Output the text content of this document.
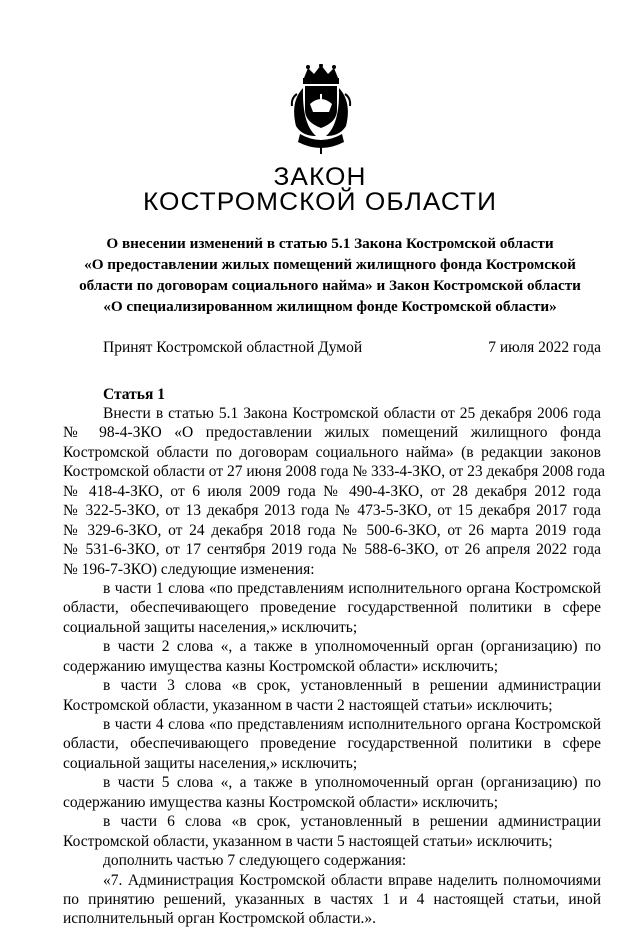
ЗАКОН
КОСТРОМСКОЙ ОБЛАСТИ
О внесении изменений в статью 5.1 Закона Костромской области
«О предоставлении жилых помещений жилищного фонда Костромской
области по договорам социального найма» и Закон Костромской области
«О специализированном жилищном фонде Костромской области»
Принят Костромской областной Думой	7 июля 2022 года
Статья 1
Внести в статью 5.1 Закона Костромской области от 25 декабря 2006 года
№ 98-4-ЗКО «О предоставлении жилых помещений жилищного фонда
Костромской области по договорам социального найма» (в редакции законов
Костромской области от 27 июня 2008 года № 333-4-ЗКО, от 23 декабря 2008 года
№ 418-4-ЗКО, от 6 июля 2009 года № 490-4-ЗКО, от 28 декабря 2012 года
№ 322-5-ЗКО, от 13 декабря 2013 года № 473-5-ЗКО, от 15 декабря 2017 года
№ 329-6-ЗКО, от 24 декабря 2018 года № 500-6-ЗКО, от 26 марта 2019 года
№ 531-6-ЗКО, от 17 сентября 2019 года № 588-6-ЗКО, от 26 апреля 2022 года
№ 196-7-ЗКО) следующие изменения:
в части 1 слова «по представлениям исполнительного органа Костромской
области, обеспечивающего проведение государственной политики в сфере
социальной защиты населения,» исключить;
в части 2 слова «, а также в уполномоченный орган (организацию) по
содержанию имущества казны Костромской области» исключить;
в части 3 слова «в срок, установленный в решении администрации
Костромской области, указанном в части 2 настоящей статьи» исключить;
в части 4 слова «по представлениям исполнительного органа Костромской
области, обеспечивающего проведение государственной политики в сфере
социальной защиты населения,» исключить;
в части 5 слова «, а также в уполномоченный орган (организацию) по
содержанию имущества казны Костромской области» исключить;
в части 6 слова «в срок, установленный в решении администрации
Костромской области, указанном в части 5 настоящей статьи» исключить;
дополнить частью 7 следующего содержания:
«7. Администрация Костромской области вправе наделить полномочиями
по принятию решений, указанных в частях 1 и 4 настоящей статьи, иной
исполнительный орган Костромской области.».
